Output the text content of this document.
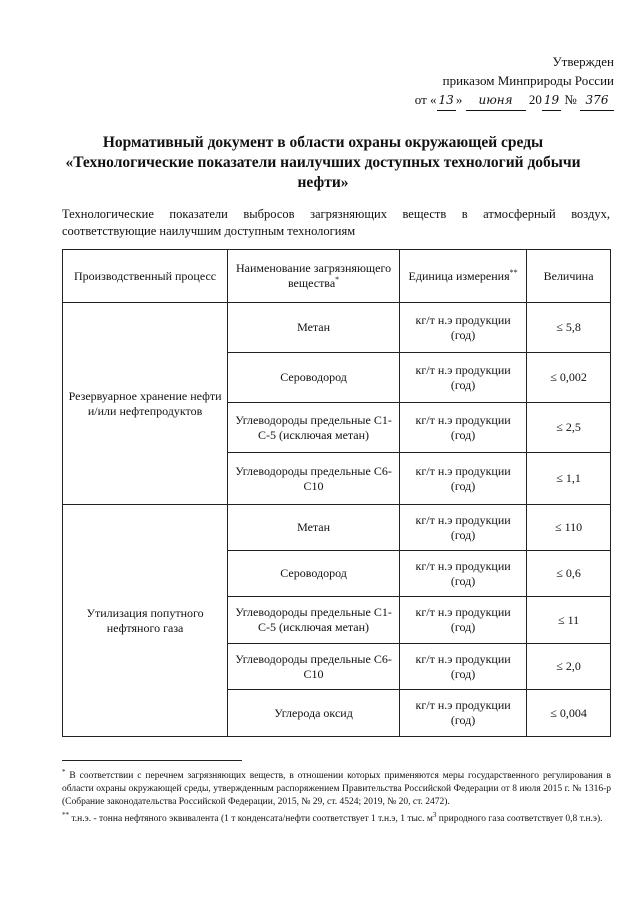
Утвержден
приказом Минприроды России
от « 13 » июня 20 19 № 376
Нормативный документ в области охраны окружающей среды
«Технологические показатели наилучших доступных технологий добычи
нефти»
Технологические показатели выбросов загрязняющих веществ в атмосферный воздух, соответствующие наилучшим доступным технологиям
Производственный процесс	Наименование загрязняющего вещества*	Единица измерения**	Величина
Резервуарное хранение нефти и/или нефтепродуктов	Метан	кг/т н.э продукции (год)	≤ 5,8
	Сероводород	кг/т н.э продукции (год)	≤ 0,002
	Углеводороды предельные С1-С-5 (исключая метан)	кг/т н.э продукции (год)	≤ 2,5
	Углеводороды предельные С6-С10	кг/т н.э продукции (год)	≤ 1,1
Утилизация попутного нефтяного газа	Метан	кг/т н.э продукции (год)	≤ 110
	Сероводород	кг/т н.э продукции (год)	≤ 0,6
	Углеводороды предельные С1-С-5 (исключая метан)	кг/т н.э продукции (год)	≤ 11
	Углеводороды предельные С6-С10	кг/т н.э продукции (год)	≤ 2,0
	Углерода оксид	кг/т н.э продукции (год)	≤ 0,004

* В соответствии с перечнем загрязняющих веществ, в отношении которых применяются меры государственного регулирования в области охраны окружающей среды, утвержденным распоряжением Правительства Российской Федерации от 8 июля 2015 г. № 1316-р (Собрание законодательства Российской Федерации, 2015, № 29, ст. 4524; 2019, № 20, ст. 2472).

** т.н.э. - тонна нефтяного эквивалента (1 т конденсата/нефти соответствует 1 т.н.э, 1 тыс. $м^3$ природного газа соответствует 0,8 т.н.э).
